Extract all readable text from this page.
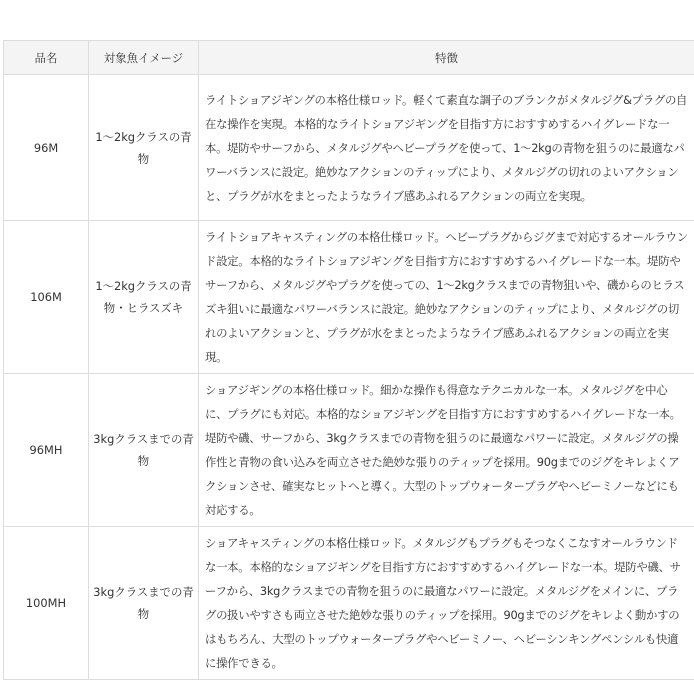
品名	対象魚イメージ	特徴
96M	1～2kgクラスの青物	ライトショアジギングの本格仕様ロッド。軽くて素直な調子のブランクがメタルジグ&プラグの自在な操作を実現。本格的なライトショアジギングを目指す方におすすめするハイグレードな一本。堤防やサーフから、メタルジグやヘビープラグを使って、1～2kgの青物を狙うのに最適なパワーバランスに設定。絶妙なアクションのティップにより、メタルジグの切れのよいアクションと、プラグが水をまとったようなライブ感あふれるアクションの両立を実現。
106M	1～2kgクラスの青物・ヒラスズキ	ライトショアキャスティングの本格仕様ロッド。ヘビープラグからジグまで対応するオールラウンド設定。本格的なライトショアジギングを目指す方におすすめするハイグレードな一本。堤防やサーフから、メタルジグやプラグを使っての、1～2kgクラスまでの青物狙いや、磯からのヒラスズキ狙いに最適なパワーバランスに設定。絶妙なアクションのティップにより、メタルジグの切れのよいアクションと、プラグが水をまとったようなライブ感あふれるアクションの両立を実現。
96MH	3kgクラスまでの青物	ショアジギングの本格仕様ロッド。細かな操作も得意なテクニカルな一本。メタルジグを中心に、プラグにも対応。本格的なショアジギングを目指す方におすすめするハイグレードな一本。堤防や磯、サーフから、3kgクラスまでの青物を狙うのに最適なパワーに設定。メタルジグの操作性と青物の食い込みを両立させた絶妙な張りのティップを採用。90gまでのジグをキレよくアクションさせ、確実なヒットへと導く。大型のトップウォータープラグやヘビーミノーなどにも対応する。
100MH	3kgクラスまでの青物	ショアキャスティングの本格仕様ロッド。メタルジグもプラグもそつなくこなすオールラウンドな一本。本格的なショアジギングを目指す方におすすめするハイグレードな一本。堤防や磯、サーフから、3kgクラスまでの青物を狙うのに最適なパワーに設定。メタルジグをメインに、プラグの扱いやすさも両立させた絶妙な張りのティップを採用。90gまでのジグをキレよく動かすのはもちろん、大型のトップウォータープラグやヘビーミノー、ヘビーシンキングペンシルも快適に操作できる。
